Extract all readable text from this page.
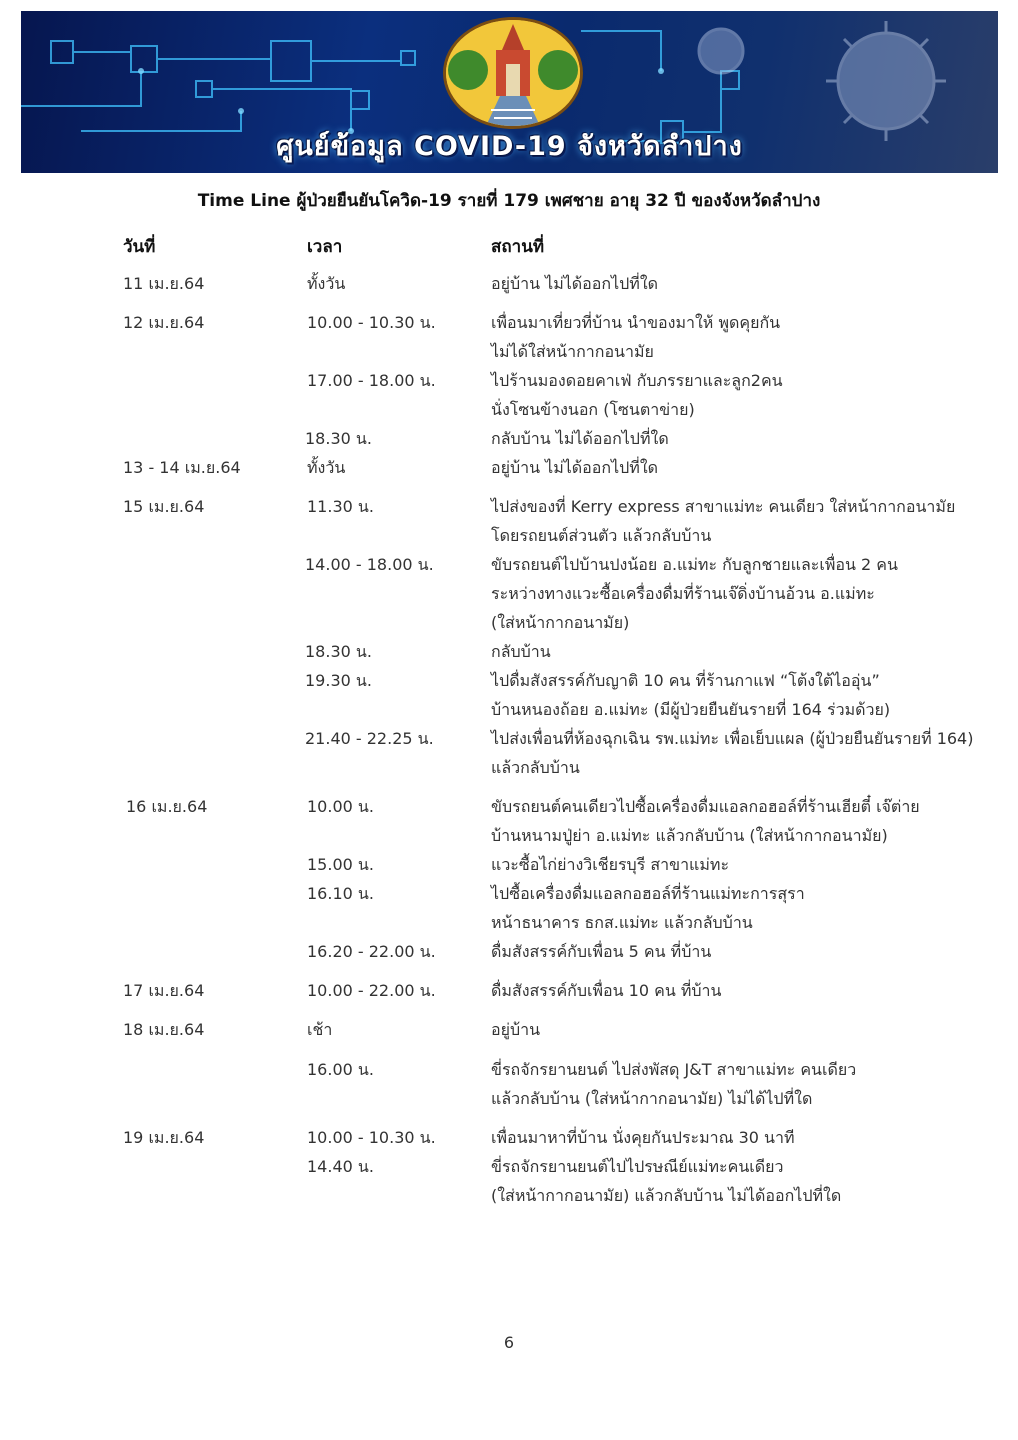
ศูนย์ข้อมูล COVID-19 จังหวัดลำปาง
Time Line ผู้ป่วยยืนยันโควิด-19 รายที่ 179 เพศชาย อายุ 32 ปี ของจังหวัดลำปาง
วันที่	เวลา	สถานที่
11 เม.ย.64	ทั้งวัน	อยู่บ้าน ไม่ได้ออกไปที่ใด
12 เม.ย.64	10.00 - 10.30 น.	เพื่อนมาเที่ยวที่บ้าน นำของมาให้ พูดคุยกัน
ไม่ได้ใส่หน้ากากอนามัย
17.00 - 18.00 น.	ไปร้านมองดอยคาเฟ่ กับภรรยาและลูก2คน
นั่งโซนข้างนอก (โซนตาข่าย)
18.30 น.	กลับบ้าน ไม่ได้ออกไปที่ใด
13 - 14 เม.ย.64	ทั้งวัน	อยู่บ้าน ไม่ได้ออกไปที่ใด
15 เม.ย.64	11.30 น.	ไปส่งของที่ Kerry express สาขาแม่ทะ คนเดียว ใส่หน้ากากอนามัย
โดยรถยนต์ส่วนตัว แล้วกลับบ้าน
14.00 - 18.00 น.	ขับรถยนต์ไปบ้านปงน้อย อ.แม่ทะ กับลูกชายและเพื่อน 2 คน
ระหว่างทางแวะซื้อเครื่องดื่มที่ร้านเจ๊ดิ่งบ้านอ้วน อ.แม่ทะ
(ใส่หน้ากากอนามัย)
18.30 น.	กลับบ้าน
19.30 น.	ไปดื่มสังสรรค์กับญาติ 10 คน ที่ร้านกาแฟ “โต้งใต้ไออุ่น”
บ้านหนองถ้อย อ.แม่ทะ (มีผู้ป่วยยืนยันรายที่ 164 ร่วมด้วย)
21.40 - 22.25 น.	ไปส่งเพื่อนที่ห้องฉุกเฉิน รพ.แม่ทะ เพื่อเย็บแผล (ผู้ป่วยยืนยันรายที่ 164)
แล้วกลับบ้าน
16 เม.ย.64	10.00 น.	ขับรถยนต์คนเดียวไปซื้อเครื่องดื่มแอลกอฮอล์ที่ร้านเฮียตี๋ เจ๊ต่าย
บ้านหนามปู่ย่า อ.แม่ทะ แล้วกลับบ้าน (ใส่หน้ากากอนามัย)
15.00 น.	แวะซื้อไก่ย่างวิเชียรบุรี สาขาแม่ทะ
16.10 น.	ไปซื้อเครื่องดื่มแอลกอฮอล์ที่ร้านแม่ทะการสุรา
หน้าธนาคาร ธกส.แม่ทะ แล้วกลับบ้าน
16.20 - 22.00 น.	ดื่มสังสรรค์กับเพื่อน 5 คน ที่บ้าน
17 เม.ย.64	10.00 - 22.00 น.	ดื่มสังสรรค์กับเพื่อน 10 คน ที่บ้าน
18 เม.ย.64	เช้า	อยู่บ้าน
16.00 น.	ขี่รถจักรยานยนต์ ไปส่งพัสดุ J&T สาขาแม่ทะ คนเดียว
แล้วกลับบ้าน (ใส่หน้ากากอนามัย) ไม่ได้ไปที่ใด
19 เม.ย.64	10.00 - 10.30 น.	เพื่อนมาหาที่บ้าน นั่งคุยกันประมาณ 30 นาที
14.40 น.	ขี่รถจักรยานยนต์ไปไปรษณีย์แม่ทะคนเดียว
(ใส่หน้ากากอนามัย) แล้วกลับบ้าน ไม่ได้ออกไปที่ใด
6
